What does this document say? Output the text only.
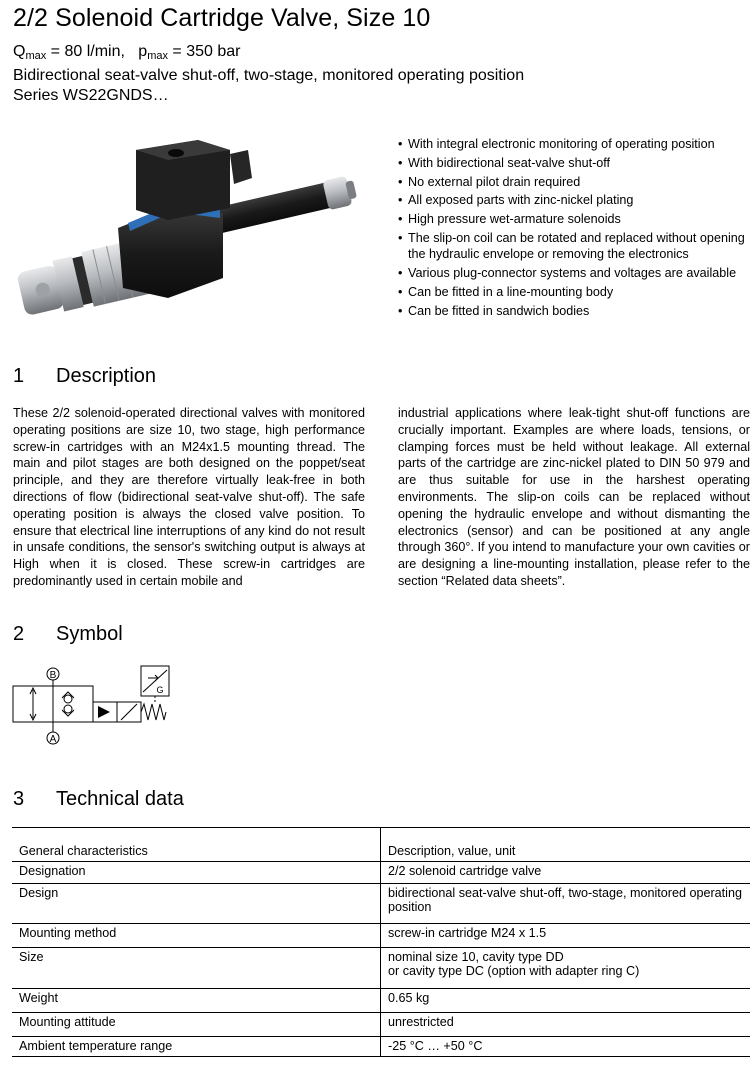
2/2 Solenoid Cartridge Valve, Size 10
$Q_{max} = 80$ l/min, $p_{max} = 350$ bar
Bidirectional seat-valve shut-off, two-stage, monitored operating position
Series WS22GNDS…
• With integral electronic monitoring of operating position
• With bidirectional seat-valve shut-off
• No external pilot drain required
• All exposed parts with zinc-nickel plating
• High pressure wet-armature solenoids
• The slip-on coil can be rotated and replaced without opening the hydraulic envelope or removing the electronics
• Various plug-connector systems and voltages are available
• Can be fitted in a line-mounting body
• Can be fitted in sandwich bodies
1 Description

These 2/2 solenoid-operated directional valves with monitored operating positions are size 10, two stage, high performance screw-in cartridges with an M24x1.5 mounting thread. The main and pilot stages are both designed on the poppet/seat principle, and they are therefore virtually leak-free in both directions of flow (bidirectional seat-valve shut-off). The safe operating position is always the closed valve position. To ensure that electrical line interruptions of any kind do not result in unsafe conditions, the sensor's switching output is always at High when it is closed. These screw-in cartridges are predominantly used in certain mobile and

industrial applications where leak-tight shut-off functions are crucially important. Examples are where loads, tensions, or clamping forces must be held without leakage. All external parts of the cartridge are zinc-nickel plated to DIN 50 979 and are thus suitable for use in the harshest operating environments. The slip-on coils can be replaced without opening the hydraulic envelope and without dismanting the electronics (sensor) and can be positioned at any angle through 360°. If you intend to manufacture your own cavities or are designing a line-mounting installation, please refer to the section “Related data sheets”.

2 Symbol
B
A
G
3 Technical data
General characteristics	Description, value, unit
Designation	2/2 solenoid cartridge valve
Design	bidirectional seat-valve shut-off, two-stage, monitored operating position
Mounting method	screw-in cartridge M24 x 1.5
Size	nominal size 10, cavity type DD
or cavity type DC (option with adapter ring C)

Weight	0.65 kg
Mounting attitude	unrestricted
Ambient temperature range	-25 °C … +50 °C
